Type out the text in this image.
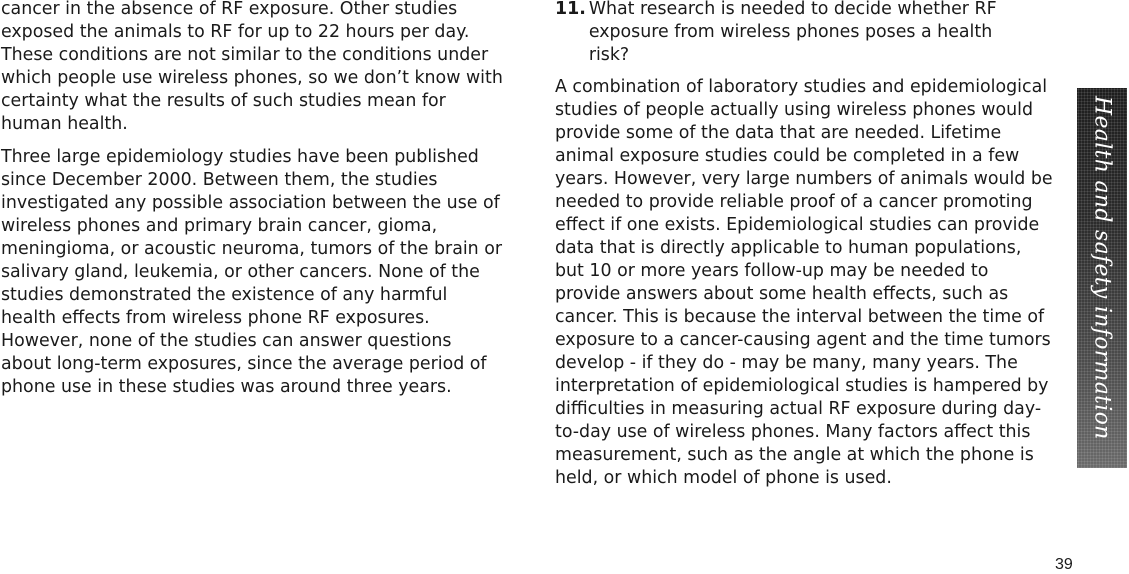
cancer in the absence of RF exposure. Other studies exposed the animals to RF for up to 22 hours per day. These conditions are not similar to the conditions under which people use wireless phones, so we don’t know with certainty what the results of such studies mean for human health.

Three large epidemiology studies have been published since December 2000. Between them, the studies investigated any possible association between the use of wireless phones and primary brain cancer, gioma, meningioma, or acoustic neuroma, tumors of the brain or salivary gland, leukemia, or other cancers. None of the studies demonstrated the existence of any harmful health effects from wireless phone RF exposures. However, none of the studies can answer questions about long-term exposures, since the average period of phone use in these studies was around three years.

11. What research is needed to decide whether RF exposure from wireless phones poses a health risk?

A combination of laboratory studies and epidemiological studies of people actually using wireless phones would provide some of the data that are needed. Lifetime animal exposure studies could be completed in a few years. However, very large numbers of animals would be needed to provide reliable proof of a cancer promoting effect if one exists. Epidemiological studies can provide data that is directly applicable to human populations, but 10 or more years follow-up may be needed to provide answers about some health effects, such as cancer. This is because the interval between the time of exposure to a cancer-causing agent and the time tumors develop - if they do - may be many, many years. The interpretation of epidemiological studies is hampered by difficulties in measuring actual RF exposure during day-to-day use of wireless phones. Many factors affect this measurement, such as the angle at which the phone is held, or which model of phone is used.

Health and safety information
39
